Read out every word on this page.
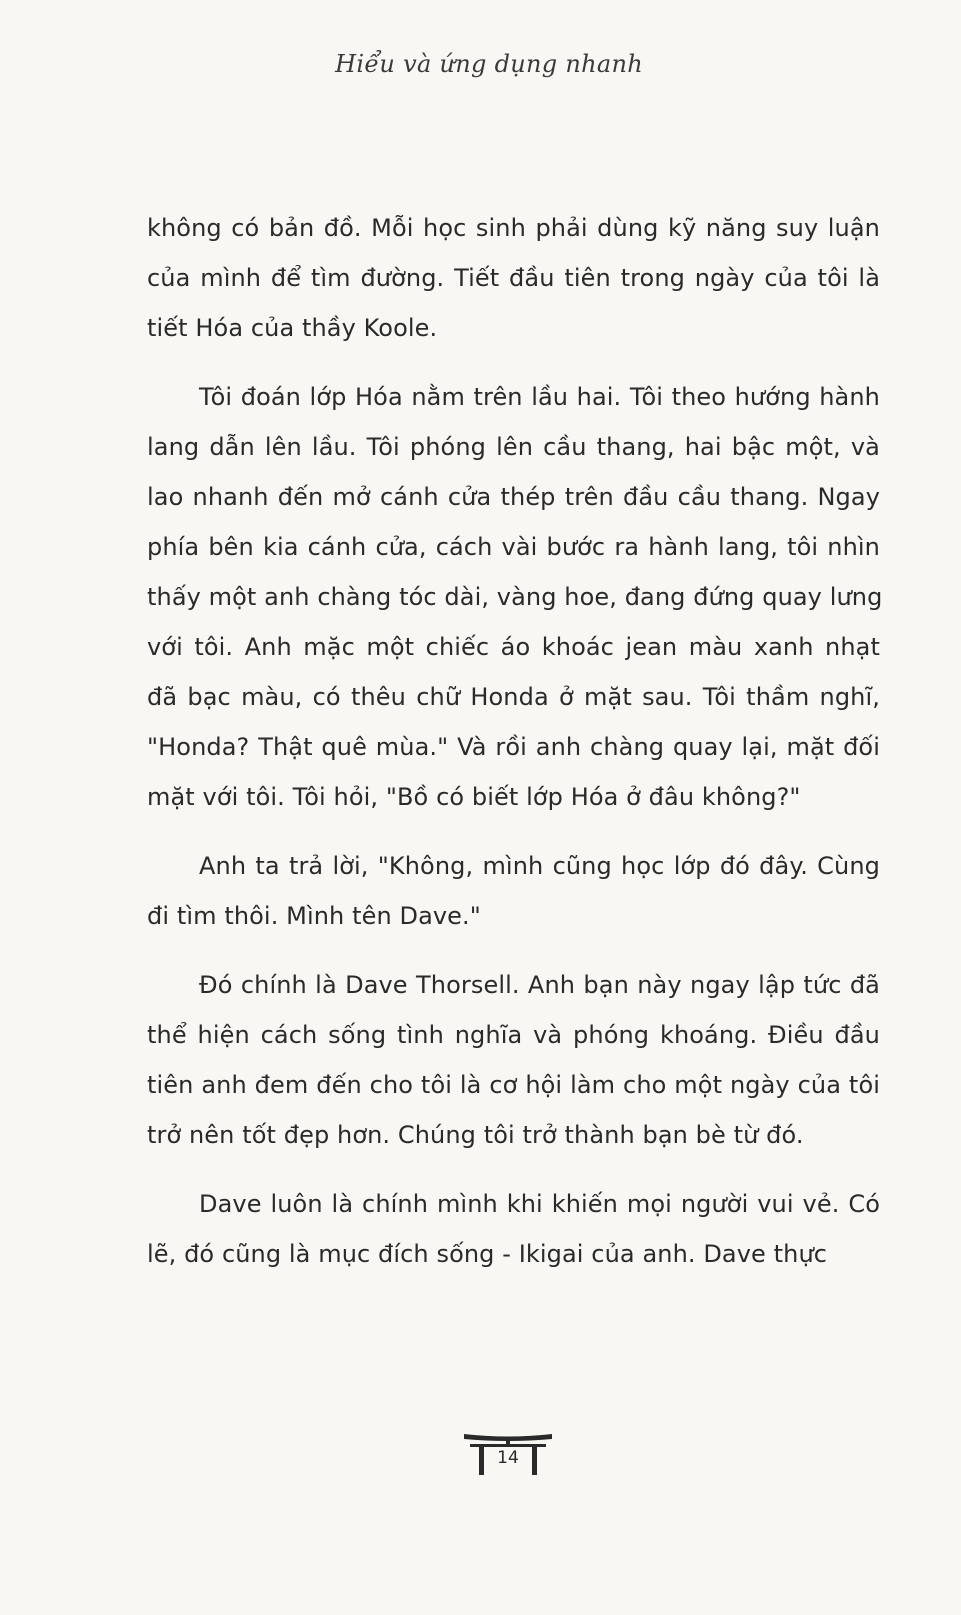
Hiểu và ứng dụng nhanh

không có bản đồ. Mỗi học sinh phải dùng kỹ năng suy luận
của mình để tìm đường. Tiết đầu tiên trong ngày của tôi là
tiết Hóa của thầy Koole.

Tôi đoán lớp Hóa nằm trên lầu hai. Tôi theo hướng hành
lang dẫn lên lầu. Tôi phóng lên cầu thang, hai bậc một, và
lao nhanh đến mở cánh cửa thép trên đầu cầu thang. Ngay
phía bên kia cánh cửa, cách vài bước ra hành lang, tôi nhìn
thấy một anh chàng tóc dài, vàng hoe, đang đứng quay lưng
với tôi. Anh mặc một chiếc áo khoác jean màu xanh nhạt
đã bạc màu, có thêu chữ Honda ở mặt sau. Tôi thầm nghĩ,
"Honda? Thật quê mùa." Và rồi anh chàng quay lại, mặt đối
mặt với tôi. Tôi hỏi, "Bồ có biết lớp Hóa ở đâu không?"

Anh ta trả lời, "Không, mình cũng học lớp đó đây. Cùng
đi tìm thôi. Mình tên Dave."

Đó chính là Dave Thorsell. Anh bạn này ngay lập tức đã
thể hiện cách sống tình nghĩa và phóng khoáng. Điều đầu
tiên anh đem đến cho tôi là cơ hội làm cho một ngày của tôi
trở nên tốt đẹp hơn. Chúng tôi trở thành bạn bè từ đó.

Dave luôn là chính mình khi khiến mọi người vui vẻ. Có
lẽ, đó cũng là mục đích sống - Ikigai của anh. Dave thực

14
